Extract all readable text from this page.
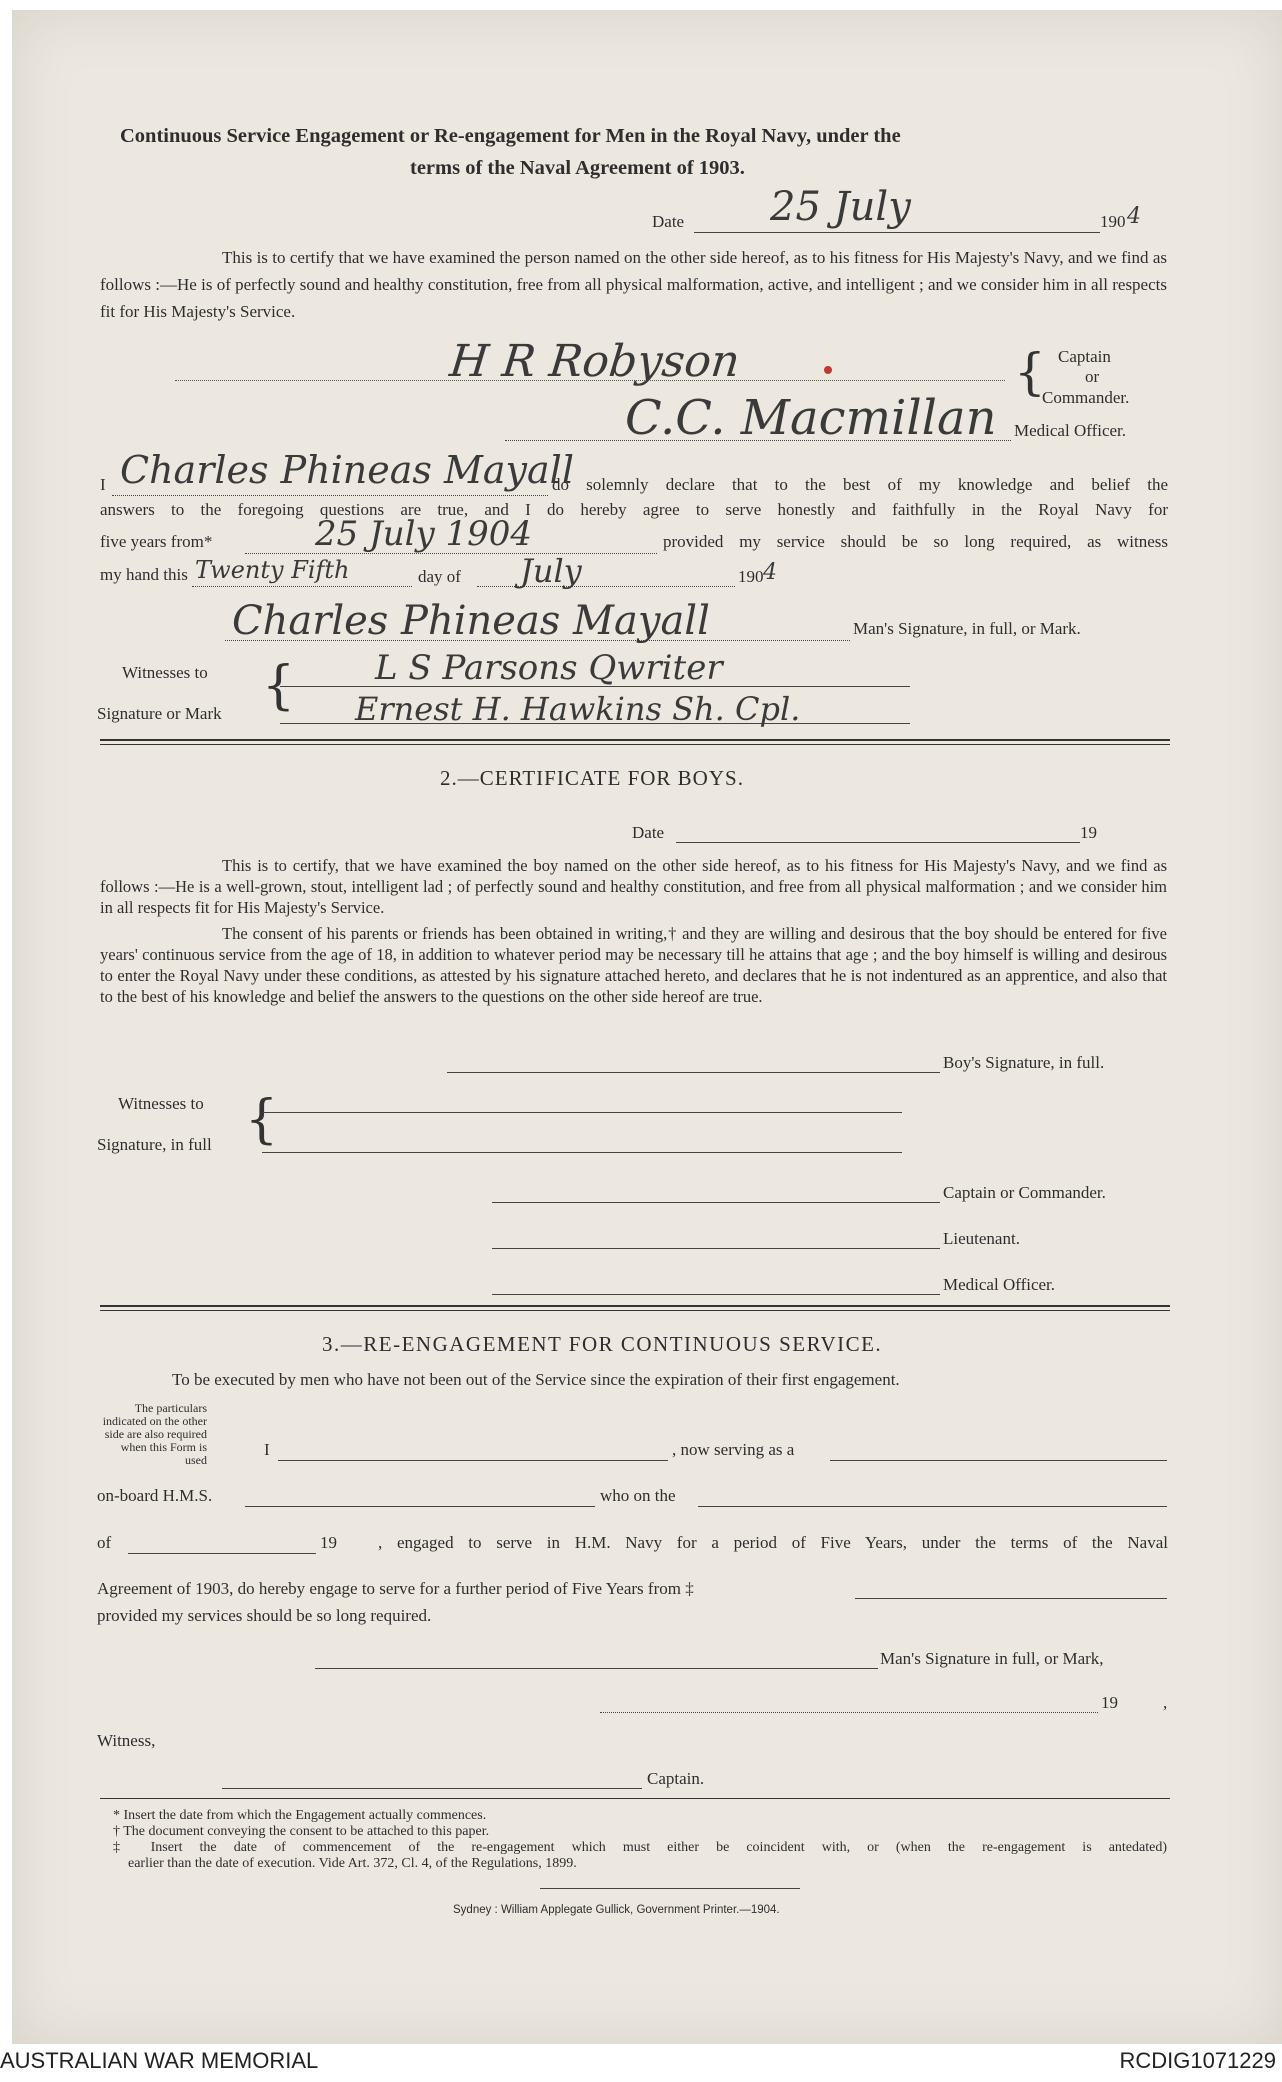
Continuous Service Engagement or Re-engagement for Men in the Royal Navy, under the
terms of the Naval Agreement of 1903.
Date 25 July	190 4
This is to certify that we have examined the person named on the other side hereof, as to his fitness for His Majesty's Navy, and we find as follows :—He is of perfectly sound and healthy constitution, free from all physical malformation, active, and intelligent ; and we consider him in all respects fit for His Majesty's Service.
H R Robyson	{ Captain
or
Commander.
C.C. Macmillan Medical Officer.
I Charles Phineas Mayall
do solemnly declare that to the best of my knowledge and belief the
answers to the foregoing questions are true, and I do hereby agree to serve honestly and faithfully in the Royal Navy for
five years from*	25 July 1904	provided my service should be so long required, as witness
my hand this Twenty Fifth	day of July	190 4
Charles Phineas Mayall	Man's Signature, in full, or Mark.
Witnesses to
Signature or Mark { L S Parsons Qwriter
Ernest H. Hawkins Sh. Cpl.
2.—CERTIFICATE FOR BOYS.
Date	19
This is to certify, that we have examined the boy named on the other side hereof, as to his fitness for His Majesty's Navy, and we find as follows :—He is a well-grown, stout, intelligent lad ; of perfectly sound and healthy constitution, and free from all physical malformation ; and we consider him in all respects fit for His Majesty's Service.
The consent of his parents or friends has been obtained in writing,† and they are willing and desirous that the boy should be entered for five years' continuous service from the age of 18, in addition to whatever period may be necessary till he attains that age ; and the boy himself is willing and desirous to enter the Royal Navy under these conditions, as attested by his signature attached hereto, and declares that he is not indentured as an apprentice, and also that to the best of his knowledge and belief the answers to the questions on the other side hereof are true.
Boy's Signature, in full.
Witnesses to
Signature, in full {
Captain or Commander.
Lieutenant.
Medical Officer.
3.—RE-ENGAGEMENT FOR CONTINUOUS SERVICE.
To be executed by men who have not been out of the Service since the expiration of their first engagement.
The particulars indicated on the other side are also required when this Form is used
I	, now serving as a
on-board H.M.S.	who on the
of	19 , engaged to serve in H.M. Navy for a period of Five Years, under the terms of the Naval
Agreement of 1903, do hereby engage to serve for a further period of Five Years from ‡
provided my services should be so long required.
Man's Signature in full, or Mark,
19	,
Witness,
Captain.
* Insert the date from which the Engagement actually commences.
† The document conveying the consent to be attached to this paper.
‡ Insert the date of commencement of the re-engagement which must either be coincident with, or (when the re-engagement is antedated)
earlier than the date of execution. Vide Art. 372, Cl. 4, of the Regulations, 1899.
Sydney : William Applegate Gullick, Government Printer.—1904.
AUSTRALIAN WAR MEMORIAL	RCDIG1071229
